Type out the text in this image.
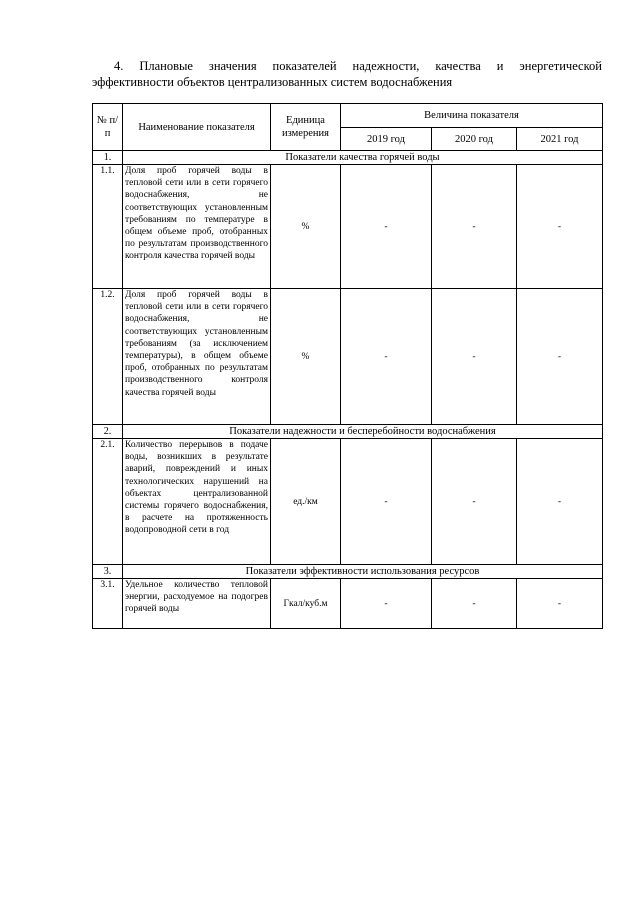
4. Плановые значения показателей надежности, качества и энергетической
эффективности объектов централизованных систем водоснабжения
№ п/п	Наименование показателя	Единица измерения	Величина показателя		
			2019 год	2020 год	2021 год
1.	Показатели качества горячей воды				
1.1.	Доля проб горячей воды в тепловой сети или в сети горячего водоснабжения, не соответствующих установленным требованиям по температуре в общем объеме проб, отобранных по результатам производственного контроля качества горячей воды	%	-	-	-
1.2.	Доля проб горячей воды в тепловой сети или в сети горячего водоснабжения, не соответствующих установленным требованиям (за исключением температуры), в общем объеме проб, отобранных по результатам производственного контроля качества горячей воды	%	-	-	-
2.	Показатели надежности и бесперебойности водоснабжения				
2.1.	Количество перерывов в подаче воды, возникших в результате аварий, повреждений и иных технологических нарушений на объектах централизованной системы горячего водоснабжения, в расчете на протяженность водопроводной сети в год	ед./км	-	-	-
3.	Показатели эффективности использования ресурсов				
3.1.	Удельное количество тепловой энергии, расходуемое на подогрев горячей воды	Гкал/куб.м	-	-	-
